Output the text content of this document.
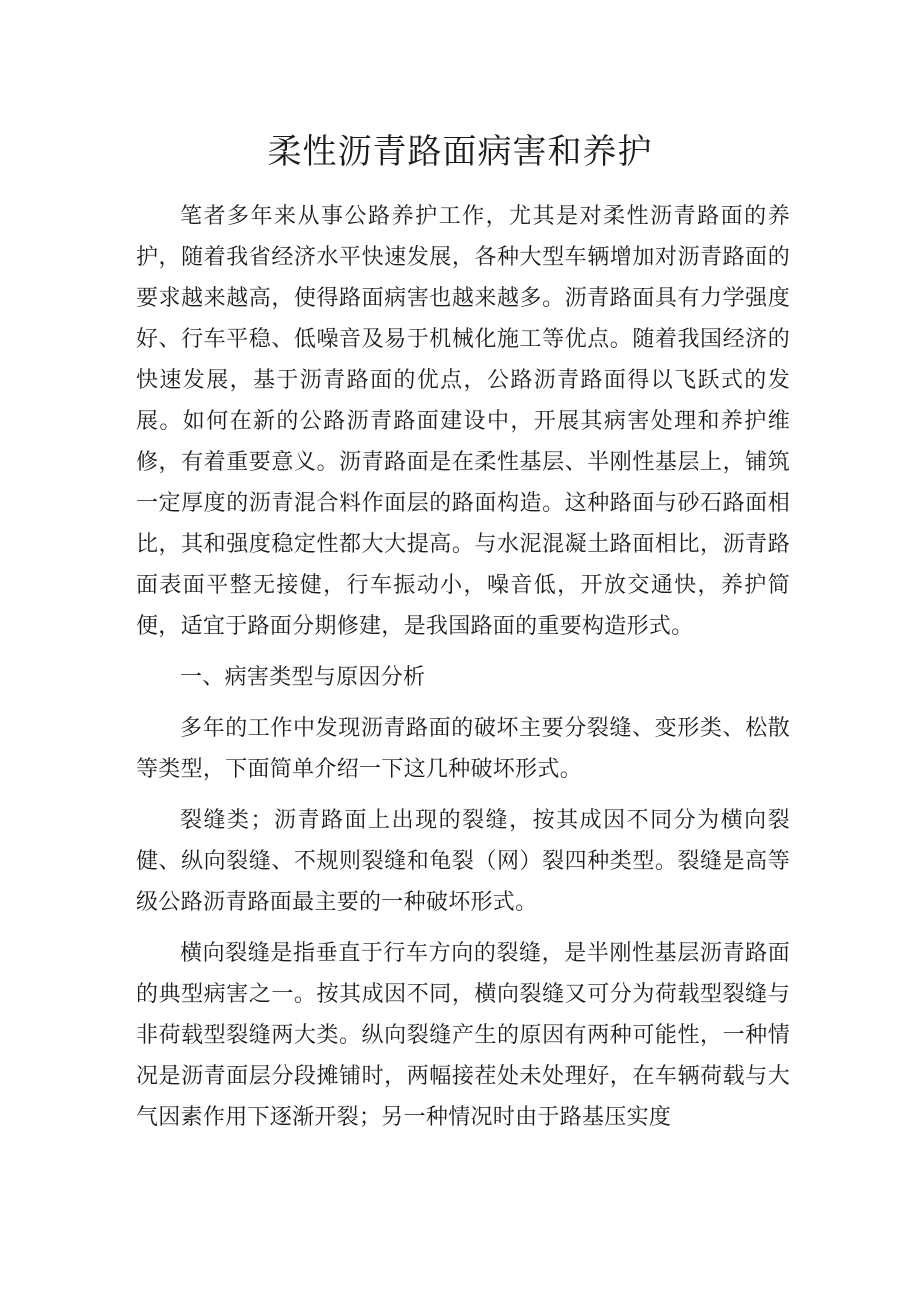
柔性沥青路面病害和养护

笔者多年来从事公路养护工作，尤其是对柔性沥青路面的养护，随着我省经济水平快速发展，各种大型车辆增加对沥青路面的要求越来越高，使得路面病害也越来越多。沥青路面具有力学强度好、行车平稳、低噪音及易于机械化施工等优点。随着我国经济的快速发展，基于沥青路面的优点，公路沥青路面得以飞跃式的发展。如何在新的公路沥青路面建设中，开展其病害处理和养护维修，有着重要意义。沥青路面是在柔性基层、半刚性基层上，铺筑一定厚度的沥青混合料作面层的路面构造。这种路面与砂石路面相比，其和强度稳定性都大大提高。与水泥混凝土路面相比，沥青路面表面平整无接健，行车振动小，噪音低，开放交通快，养护简便，适宜于路面分期修建，是我国路面的重要构造形式。

一、病害类型与原因分析

多年的工作中发现沥青路面的破坏主要分裂缝、变形类、松散等类型，下面简单介绍一下这几种破坏形式。

裂缝类；沥青路面上出现的裂缝，按其成因不同分为横向裂健、纵向裂缝、不规则裂缝和龟裂（网）裂四种类型。裂缝是高等级公路沥青路面最主要的一种破坏形式。

横向裂缝是指垂直于行车方向的裂缝，是半刚性基层沥青路面的典型病害之一。按其成因不同，横向裂缝又可分为荷载型裂缝与非荷载型裂缝两大类。纵向裂缝产生的原因有两种可能性，一种情况是沥青面层分段摊铺时，两幅接茬处未处理好，在车辆荷载与大气因素作用下逐渐开裂；另一种情况时由于路基压实度
